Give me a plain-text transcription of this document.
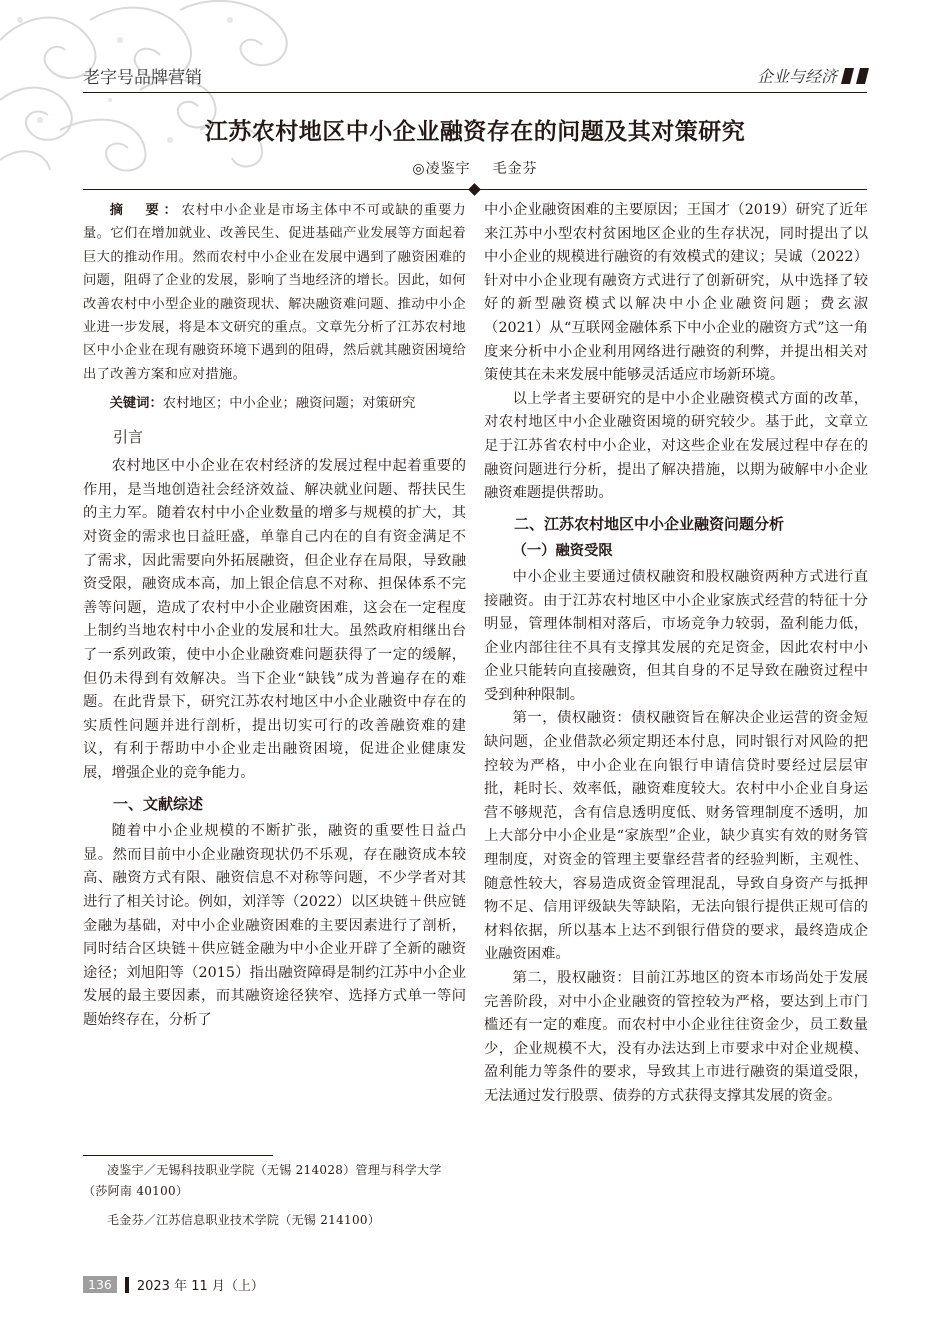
老字号品牌营销	企业与经济
江苏农村地区中小企业融资存在的问题及其对策研究
◎凌鉴宇 毛金芬

摘　要：农村中小企业是市场主体中不可或缺的重要力量。它们在增加就业、改善民生、促进基础产业发展等方面起着巨大的推动作用。然而农村中小企业在发展中遇到了融资困难的问题，阻碍了企业的发展，影响了当地经济的增长。因此，如何改善农村中小型企业的融资现状、解决融资难问题、推动中小企业进一步发展，将是本文研究的重点。文章先分析了江苏农村地区中小企业在现有融资环境下遇到的阻碍，然后就其融资困境给出了改善方案和应对措施。

关键词：农村地区；中小企业；融资问题；对策研究

引言

农村地区中小企业在农村经济的发展过程中起着重要的作用，是当地创造社会经济效益、解决就业问题、帮扶民生的主力军。随着农村中小企业数量的增多与规模的扩大，其对资金的需求也日益旺盛，单靠自己内在的自有资金满足不了需求，因此需要向外拓展融资，但企业存在局限，导致融资受限，融资成本高，加上银企信息不对称、担保体系不完善等问题，造成了农村中小企业融资困难，这会在一定程度上制约当地农村中小企业的发展和壮大。虽然政府相继出台了一系列政策，使中小企业融资难问题获得了一定的缓解，但仍未得到有效解决。当下企业“缺钱”成为普遍存在的难题。在此背景下，研究江苏农村地区中小企业融资中存在的实质性问题并进行剖析，提出切实可行的改善融资难的建议，有利于帮助中小企业走出融资困境，促进企业健康发展，增强企业的竞争能力。

一、文献综述

随着中小企业规模的不断扩张，融资的重要性日益凸显。然而目前中小企业融资现状仍不乐观，存在融资成本较高、融资方式有限、融资信息不对称等问题，不少学者对其进行了相关讨论。例如，刘洋等（2022）以区块链＋供应链金融为基础，对中小企业融资困难的主要因素进行了剖析，同时结合区块链＋供应链金融为中小企业开辟了全新的融资途径；刘旭阳等（2015）指出融资障碍是制约江苏中小企业发展的最主要因素，而其融资途径狭窄、选择方式单一等问题始终存在，分析了

中小企业融资困难的主要原因；王国才（2019）研究了近年来江苏中小型农村贫困地区企业的生存状况，同时提出了以中小企业的规模进行融资的有效模式的建议；吴诚（2022）针对中小企业现有融资方式进行了创新研究，从中选择了较好的新型融资模式以解决中小企业融资问题；费玄淑（2021）从“互联网金融体系下中小企业的融资方式”这一角度来分析中小企业利用网络进行融资的利弊，并提出相关对策使其在未来发展中能够灵活适应市场新环境。

以上学者主要研究的是中小企业融资模式方面的改革，对农村地区中小企业融资困境的研究较少。基于此，文章立足于江苏省农村中小企业，对这些企业在发展过程中存在的融资问题进行分析，提出了解决措施，以期为破解中小企业融资难题提供帮助。

二、江苏农村地区中小企业融资问题分析
（一）融资受限

中小企业主要通过债权融资和股权融资两种方式进行直接融资。由于江苏农村地区中小企业家族式经营的特征十分明显，管理体制相对落后，市场竞争力较弱，盈利能力低，企业内部往往不具有支撑其发展的充足资金，因此农村中小企业只能转向直接融资，但其自身的不足导致在融资过程中受到种种限制。

第一，债权融资：债权融资旨在解决企业运营的资金短缺问题，企业借款必须定期还本付息，同时银行对风险的把控较为严格，中小企业在向银行申请信贷时要经过层层审批，耗时长、效率低，融资难度较大。农村中小企业自身运营不够规范，含有信息透明度低、财务管理制度不透明，加上大部分中小企业是“家族型”企业，缺少真实有效的财务管理制度，对资金的管理主要靠经营者的经验判断，主观性、随意性较大，容易造成资金管理混乱，导致自身资产与抵押物不足、信用评级缺失等缺陷，无法向银行提供正规可信的材料依据，所以基本上达不到银行借贷的要求，最终造成企业融资困难。

第二，股权融资：目前江苏地区的资本市场尚处于发展完善阶段，对中小企业融资的管控较为严格，要达到上市门槛还有一定的难度。而农村中小企业往往资金少，员工数量少，企业规模不大，没有办法达到上市要求中对企业规模、盈利能力等条件的要求，导致其上市进行融资的渠道受限，无法通过发行股票、债券的方式获得支撑其发展的资金。

凌鉴宇／无锡科技职业学院（无锡 214028）管理与科学大学（莎阿南 40100）

毛金芬／江苏信息职业技术学院（无锡 214100）

136	2023 年 11 月（上）
